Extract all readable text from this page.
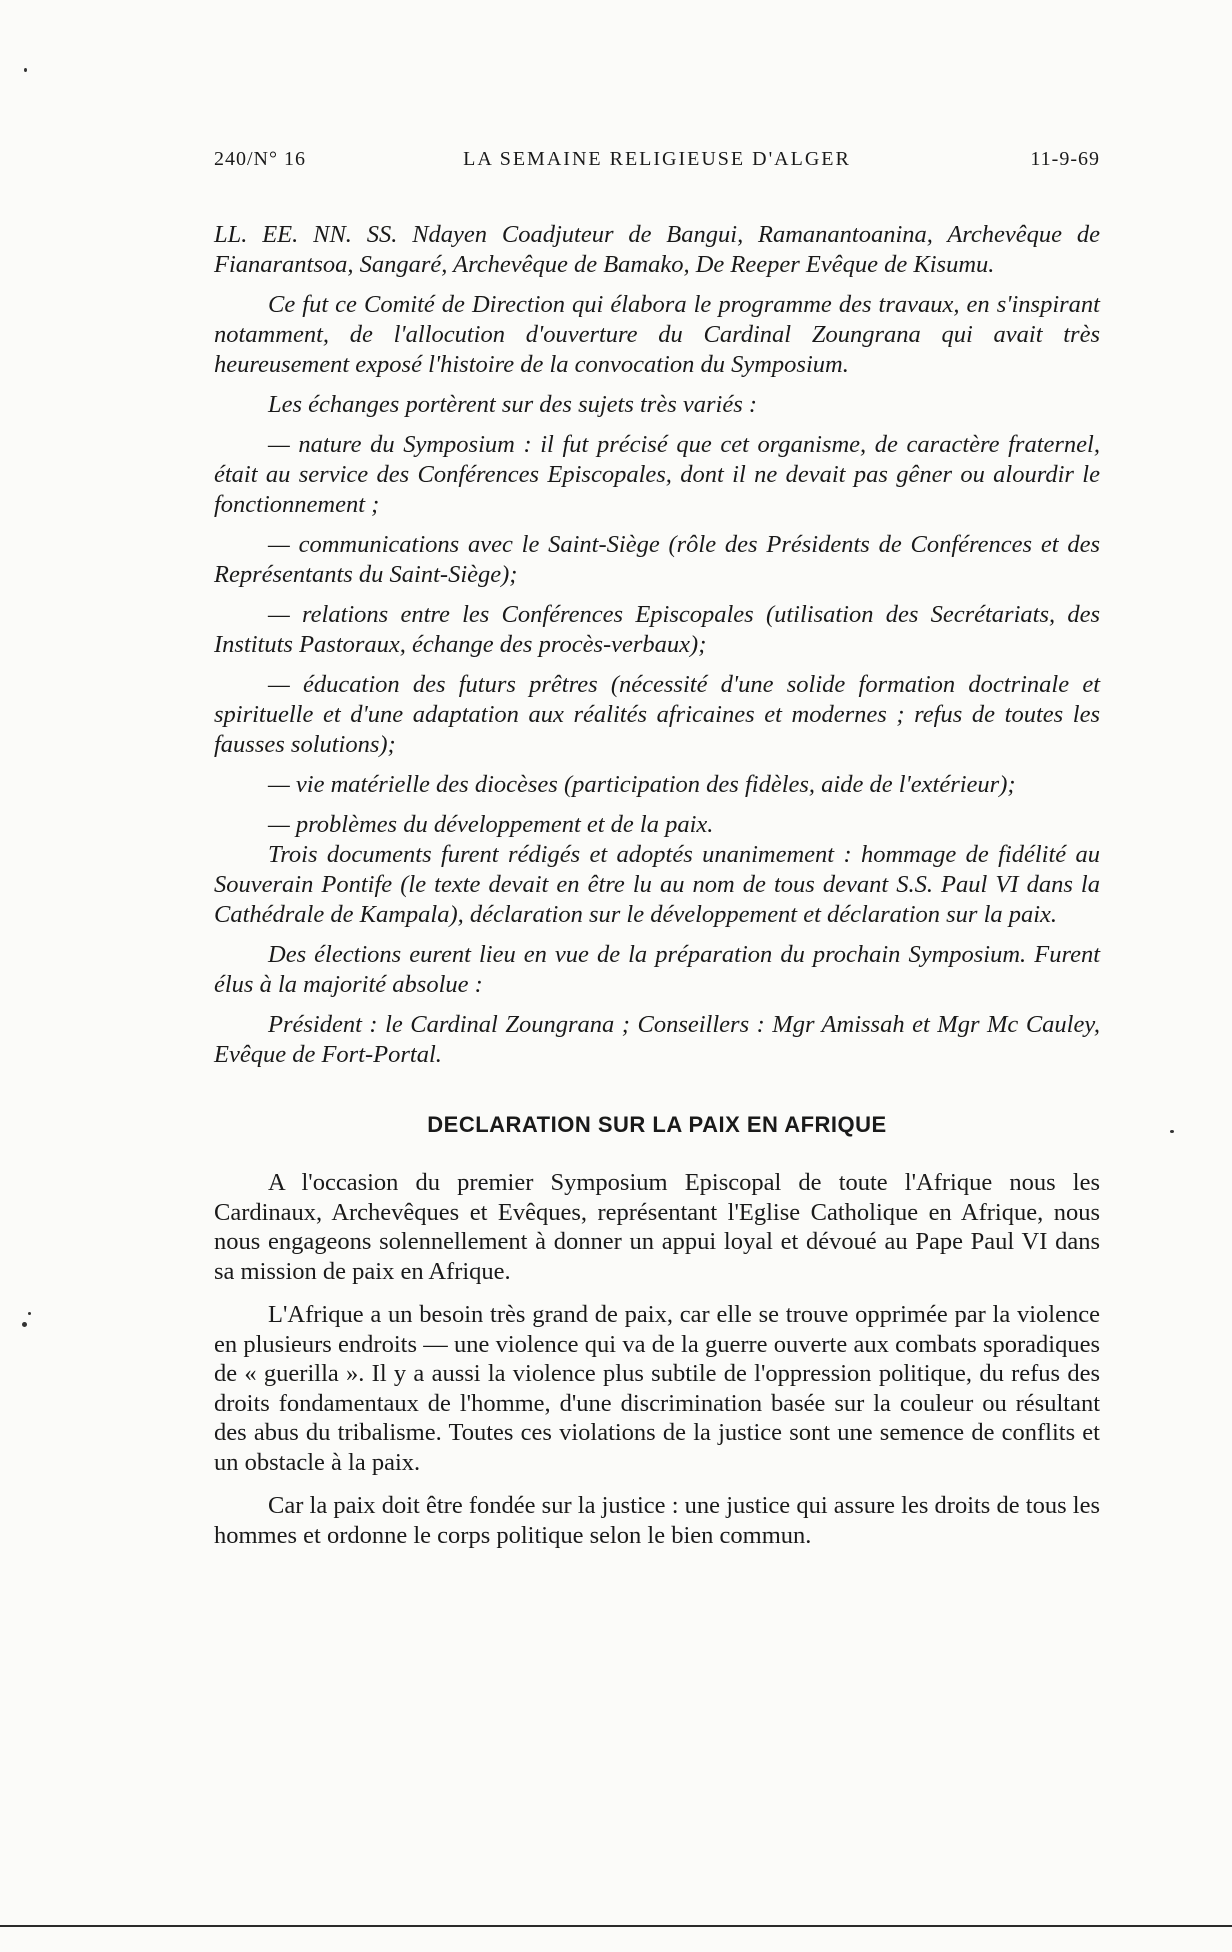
240/N° 16	LA SEMAINE RELIGIEUSE D'ALGER	11-9-69

LL. EE. NN. SS. Ndayen Coadjuteur de Bangui, Ramanantoanina, Archevêque de Fianarantsoa, Sangaré, Archevêque de Bamako, De Reeper Evêque de Kisumu.

Ce fut ce Comité de Direction qui élabora le programme des travaux, en s'inspirant notamment, de l'allocution d'ouverture du Cardinal Zoungrana qui avait très heureusement exposé l'histoire de la convocation du Symposium.

Les échanges portèrent sur des sujets très variés :

— nature du Symposium : il fut précisé que cet organisme, de caractère fraternel, était au service des Conférences Episcopales, dont il ne devait pas gêner ou alourdir le fonctionnement ;

— communications avec le Saint-Siège (rôle des Présidents de Conférences et des Représentants du Saint-Siège);

— relations entre les Conférences Episcopales (utilisation des Secrétariats, des Instituts Pastoraux, échange des procès-verbaux);

— éducation des futurs prêtres (nécessité d'une solide formation doctrinale et spirituelle et d'une adaptation aux réalités africaines et modernes ; refus de toutes les fausses solutions);

— vie matérielle des diocèses (participation des fidèles, aide de l'extérieur);

— problèmes du développement et de la paix.

Trois documents furent rédigés et adoptés unanimement : hommage de fidélité au Souverain Pontife (le texte devait en être lu au nom de tous devant S.S. Paul VI dans la Cathédrale de Kampala), déclaration sur le développement et déclaration sur la paix.

Des élections eurent lieu en vue de la préparation du prochain Symposium. Furent élus à la majorité absolue :

Président : le Cardinal Zoungrana ; Conseillers : Mgr Amissah et Mgr Mc Cauley, Evêque de Fort-Portal.

DECLARATION SUR LA PAIX EN AFRIQUE

A l'occasion du premier Symposium Episcopal de toute l'Afrique nous les Cardinaux, Archevêques et Evêques, représentant l'Eglise Catholique en Afrique, nous nous engageons solennellement à donner un appui loyal et dévoué au Pape Paul VI dans sa mission de paix en Afrique.

L'Afrique a un besoin très grand de paix, car elle se trouve opprimée par la violence en plusieurs endroits — une violence qui va de la guerre ouverte aux combats sporadiques de « guerilla ». Il y a aussi la violence plus subtile de l'oppression politique, du refus des droits fondamentaux de l'homme, d'une discrimination basée sur la couleur ou résultant des abus du tribalisme. Toutes ces violations de la justice sont une semence de conflits et un obstacle à la paix.

Car la paix doit être fondée sur la justice : une justice qui assure les droits de tous les hommes et ordonne le corps politique selon le bien commun.
